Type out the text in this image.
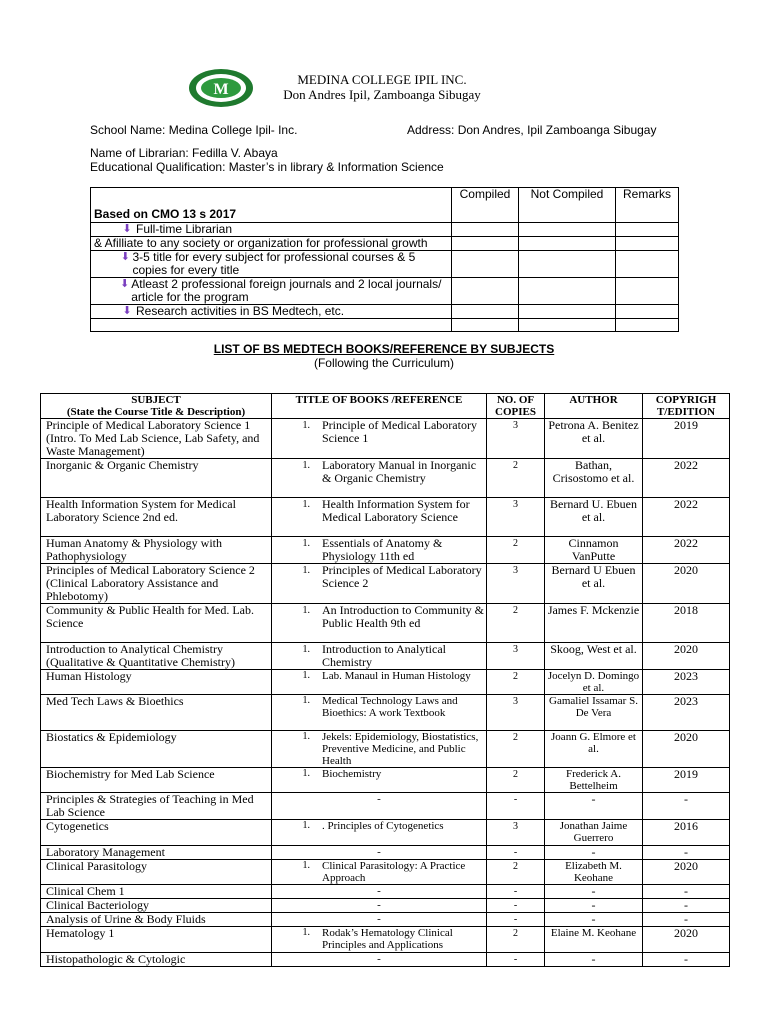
M
MEDINA COLLEGE IPIL INC.
Don Andres Ipil, Zamboanga Sibugay
School Name: Medina College Ipil- Inc.	Address: Don Andres, Ipil Zamboanga Sibugay
Name of Librarian: Fedilla V. Abaya
Educational Qualification: Master’s in library & Information Science
Based on CMO 13 s 2017	Compiled	Not Compiled	Remarks

⬇ Full-time Librarian			

& Afilliate to any society or organization for professional growth			

⬇ 3-5 title for every subject for professional courses & 5 copies for every title			

⬇ Atleast 2 professional foreign journals and 2 local journals/ article for the program			

⬇ Research activities in BS Medtech, etc.			

LIST OF BS MEDTECH BOOKS/REFERENCE BY SUBJECTS
(Following the Curriculum)
SUBJECT
(State the Course Title & Description)	TITLE OF BOOKS /REFERENCE	NO. OF COPIES	AUTHOR	COPYRIGH T/EDITION
Principle of Medical Laboratory Science 1 (Intro. To Med Lab Science, Lab Safety, and Waste Management)	1. Principle of Medical Laboratory Science 1	3	Petrona A. Benitez et al.	2019
Inorganic & Organic Chemistry	1. Laboratory Manual in Inorganic & Organic Chemistry	2	Bathan, Crisostomo et al.	2022
Health Information System for Medical Laboratory Science 2nd ed.	1. Health Information System for Medical Laboratory Science	3	Bernard U. Ebuen et al.	2022
Human Anatomy & Physiology with Pathophysiology	1. Essentials of Anatomy & Physiology 11th ed	2	Cinnamon VanPutte	2022
Principles of Medical Laboratory Science 2 (Clinical Laboratory Assistance and Phlebotomy)	1. Principles of Medical Laboratory Science 2	3	Bernard U Ebuen et al.	2020
Community & Public Health for Med. Lab. Science	1. An Introduction to Community & Public Health 9th ed	2	James F. Mckenzie	2018
Introduction to Analytical Chemistry (Qualitative & Quantitative Chemistry)	1. Introduction to Analytical Chemistry	3	Skoog, West et al.	2020
Human Histology	1. Lab. Manaul in Human Histology	2	Jocelyn D. Domingo et al.	2023
Med Tech Laws & Bioethics	1. Medical Technology Laws and Bioethics: A work Textbook	3	Gamaliel Issamar S. De Vera	2023
Biostatics & Epidemiology	1. Jekels: Epidemiology, Biostatistics, Preventive Medicine, and Public Health	2	Joann G. Elmore et al.	2020
Biochemistry for Med Lab Science	1. Biochemistry	2	Frederick A. Bettelheim	2019
Principles & Strategies of Teaching in Med Lab Science	-	-	-	-
Cytogenetics	1. . Principles of Cytogenetics	3	Jonathan Jaime Guerrero	2016
Laboratory Management	-	-	-	-
Clinical Parasitology	1. Clinical Parasitology: A Practice Approach	2	Elizabeth M. Keohane	2020
Clinical Chem 1	-	-	-	-
Clinical Bacteriology	-	-	-	-
Analysis of Urine & Body Fluids	-	-	-	-
Hematology 1	1. Rodak’s Hematology Clinical Principles and Applications	2	Elaine M. Keohane	2020
Histopathologic & Cytologic	-	-	-	-
